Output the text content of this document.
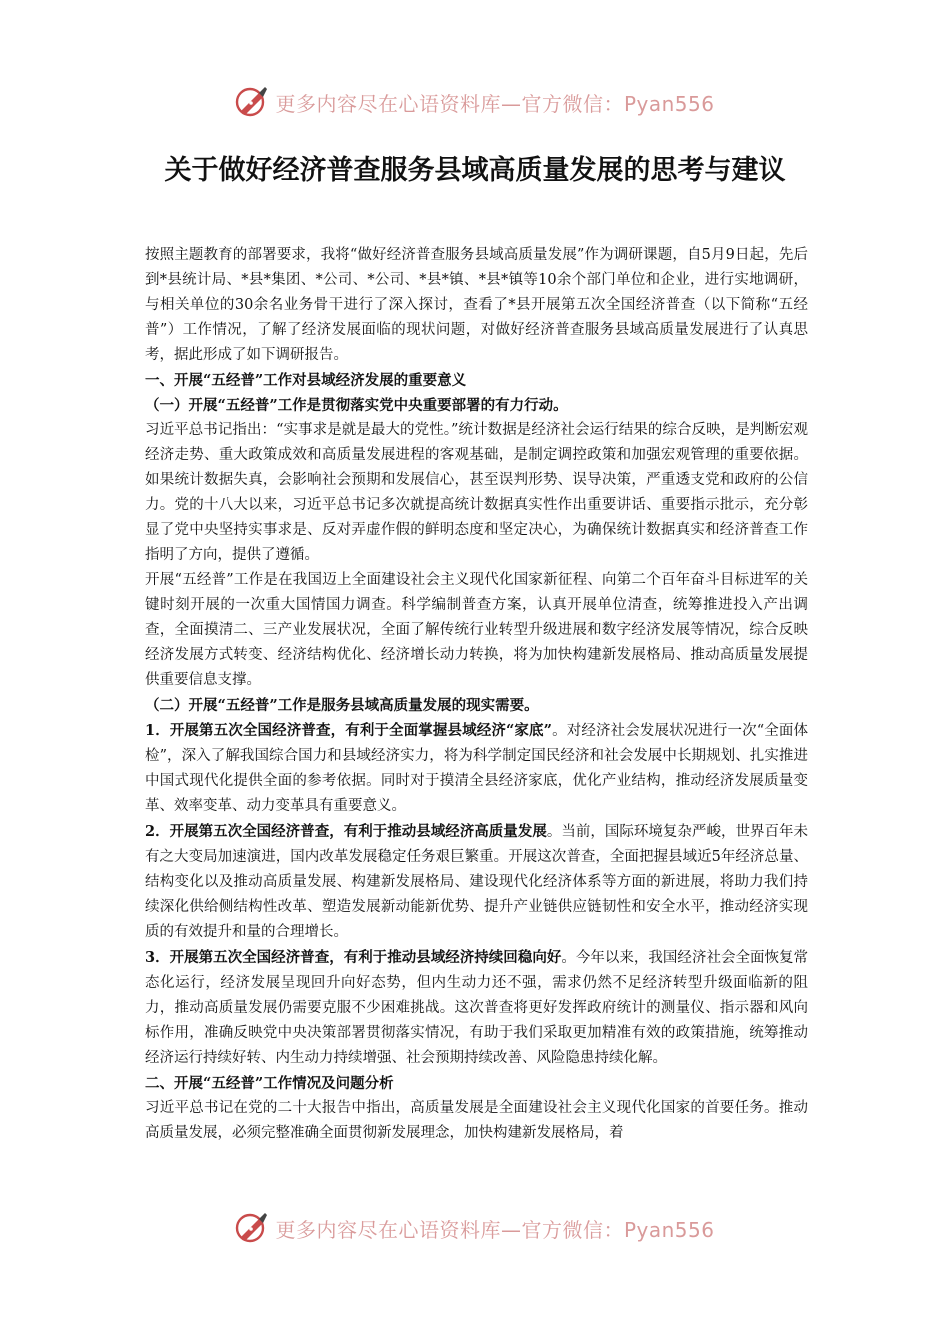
更多内容尽在心语资料库—官方微信：Pyan556
关于做好经济普查服务县域高质量发展的思考与建议

按照主题教育的部署要求，我将“做好经济普查服务县域高质量发展”作为调研课题，自5月9日起，先后到*县统计局、*县*集团、*公司、*公司、*县*镇、*县*镇等10余个部门单位和企业，进行实地调研，与相关单位的30余名业务骨干进行了深入探讨，查看了*县开展第五次全国经济普查（以下简称“五经普”）工作情况，了解了经济发展面临的现状问题，对做好经济普查服务县域高质量发展进行了认真思考，据此形成了如下调研报告。

一、开展“五经普”工作对县域经济发展的重要意义

（一）开展“五经普”工作是贯彻落实党中央重要部署的有力行动。

习近平总书记指出：“实事求是就是最大的党性。”统计数据是经济社会运行结果的综合反映，是判断宏观经济走势、重大政策成效和高质量发展进程的客观基础，是制定调控政策和加强宏观管理的重要依据。如果统计数据失真，会影响社会预期和发展信心，甚至误判形势、误导决策，严重透支党和政府的公信力。党的十八大以来，习近平总书记多次就提高统计数据真实性作出重要讲话、重要指示批示，充分彰显了党中央坚持实事求是、反对弄虚作假的鲜明态度和坚定决心，为确保统计数据真实和经济普查工作指明了方向，提供了遵循。

开展“五经普”工作是在我国迈上全面建设社会主义现代化国家新征程、向第二个百年奋斗目标进军的关键时刻开展的一次重大国情国力调查。科学编制普查方案，认真开展单位清查，统筹推进投入产出调查，全面摸清二、三产业发展状况，全面了解传统行业转型升级进展和数字经济发展等情况，综合反映经济发展方式转变、经济结构优化、经济增长动力转换，将为加快构建新发展格局、推动高质量发展提供重要信息支撑。

（二）开展“五经普”工作是服务县域高质量发展的现实需要。

1．开展第五次全国经济普查，有利于全面掌握县域经济“家底”。对经济社会发展状况进行一次“全面体检”，深入了解我国综合国力和县域经济实力，将为科学制定国民经济和社会发展中长期规划、扎实推进中国式现代化提供全面的参考依据。同时对于摸清全县经济家底，优化产业结构，推动经济发展质量变革、效率变革、动力变革具有重要意义。

2．开展第五次全国经济普查，有利于推动县域经济高质量发展。当前，国际环境复杂严峻，世界百年未有之大变局加速演进，国内改革发展稳定任务艰巨繁重。开展这次普查，全面把握县域近5年经济总量、结构变化以及推动高质量发展、构建新发展格局、建设现代化经济体系等方面的新进展，将助力我们持续深化供给侧结构性改革、塑造发展新动能新优势、提升产业链供应链韧性和安全水平，推动经济实现质的有效提升和量的合理增长。

3．开展第五次全国经济普查，有利于推动县域经济持续回稳向好。今年以来，我国经济社会全面恢复常态化运行，经济发展呈现回升向好态势，但内生动力还不强，需求仍然不足经济转型升级面临新的阻力，推动高质量发展仍需要克服不少困难挑战。这次普查将更好发挥政府统计的测量仪、指示器和风向标作用，准确反映党中央决策部署贯彻落实情况，有助于我们采取更加精准有效的政策措施，统筹推动经济运行持续好转、内生动力持续增强、社会预期持续改善、风险隐患持续化解。

二、开展“五经普”工作情况及问题分析

习近平总书记在党的二十大报告中指出，高质量发展是全面建设社会主义现代化国家的首要任务。推动高质量发展，必须完整准确全面贯彻新发展理念，加快构建新发展格局，着

更多内容尽在心语资料库—官方微信：Pyan556
